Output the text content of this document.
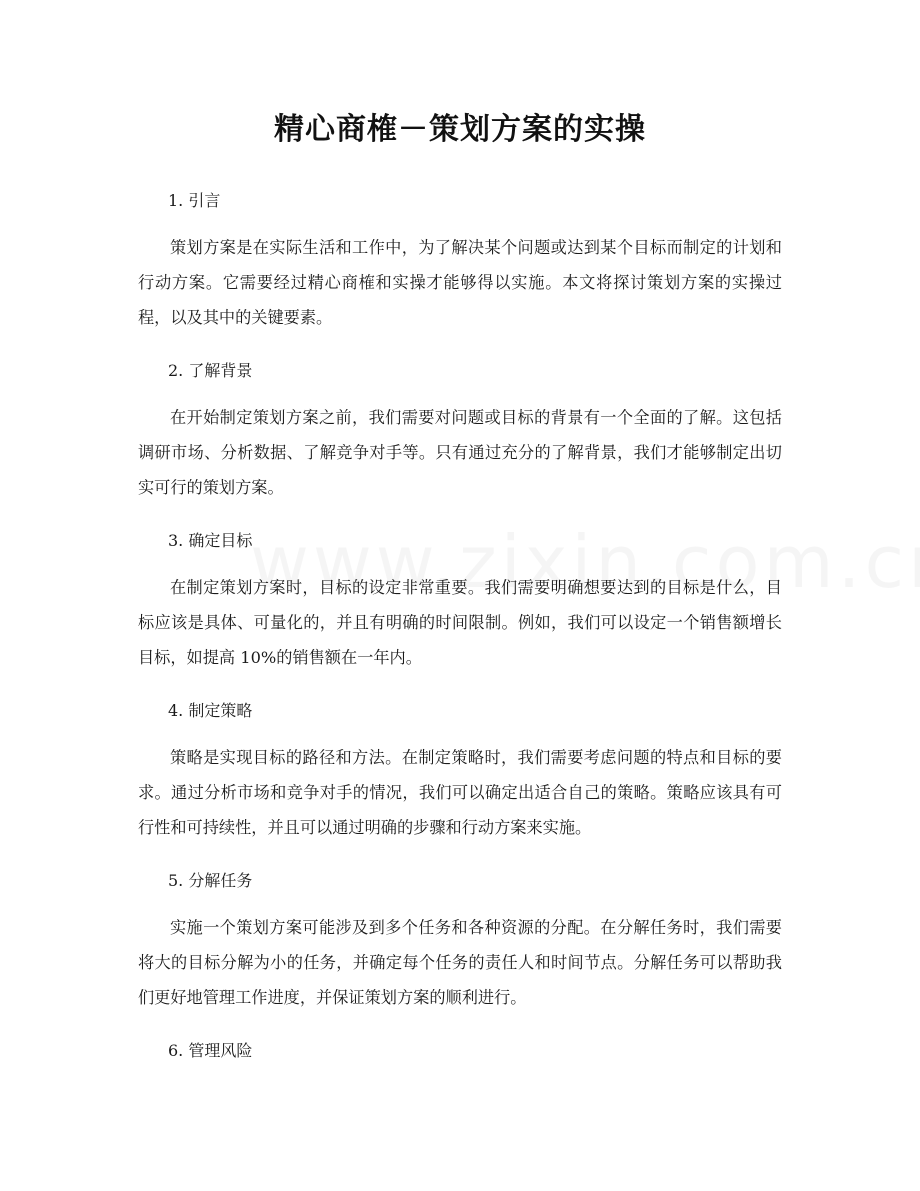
精心商榷－策划方案的实操
1. 引言

策划方案是在实际生活和工作中，为了解决某个问题或达到某个目标而制定的计划和行动方案。它需要经过精心商榷和实操才能够得以实施。本文将探讨策划方案的实操过程，以及其中的关键要素。

2. 了解背景

在开始制定策划方案之前，我们需要对问题或目标的背景有一个全面的了解。这包括调研市场、分析数据、了解竞争对手等。只有通过充分的了解背景，我们才能够制定出切实可行的策划方案。

3. 确定目标

在制定策划方案时，目标的设定非常重要。我们需要明确想要达到的目标是什么，目标应该是具体、可量化的，并且有明确的时间限制。例如，我们可以设定一个销售额增长目标，如提高 10%的销售额在一年内。

4. 制定策略

策略是实现目标的路径和方法。在制定策略时，我们需要考虑问题的特点和目标的要求。通过分析市场和竞争对手的情况，我们可以确定出适合自己的策略。策略应该具有可行性和可持续性，并且可以通过明确的步骤和行动方案来实施。

5. 分解任务

实施一个策划方案可能涉及到多个任务和各种资源的分配。在分解任务时，我们需要将大的目标分解为小的任务，并确定每个任务的责任人和时间节点。分解任务可以帮助我们更好地管理工作进度，并保证策划方案的顺利进行。

6. 管理风险
